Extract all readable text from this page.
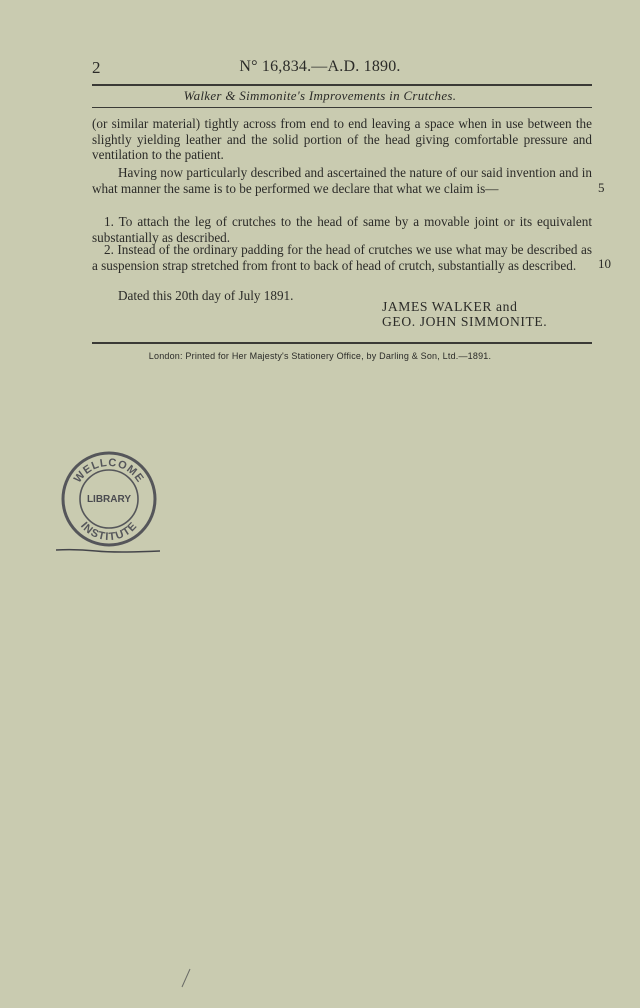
2	N° 16,834.—A.D. 1890.
Walker & Simmonite's Improvements in Crutches.
(or similar material) tightly across from end to end leaving a space when in use between the slightly yielding leather and the solid portion of the head giving comfortable pressure and ventilation to the patient.
Having now particularly described and ascertained the nature of our said invention and in what manner the same is to be performed we declare that what we claim is—
1. To attach the leg of crutches to the head of same by a movable joint or its equivalent substantially as described.
2. Instead of the ordinary padding for the head of crutches we use what may be described as a suspension strap stretched from front to back of head of crutch, substantially as described.
5
10
Dated this 20th day of July 1891.
JAMES WALKER and
GEO. JOHN SIMMONITE.
London: Printed for Her Majesty's Stationery Office, by Darling & Son, Ltd.—1891.
WELLCOME
LIBRARY
INSTITUTE
